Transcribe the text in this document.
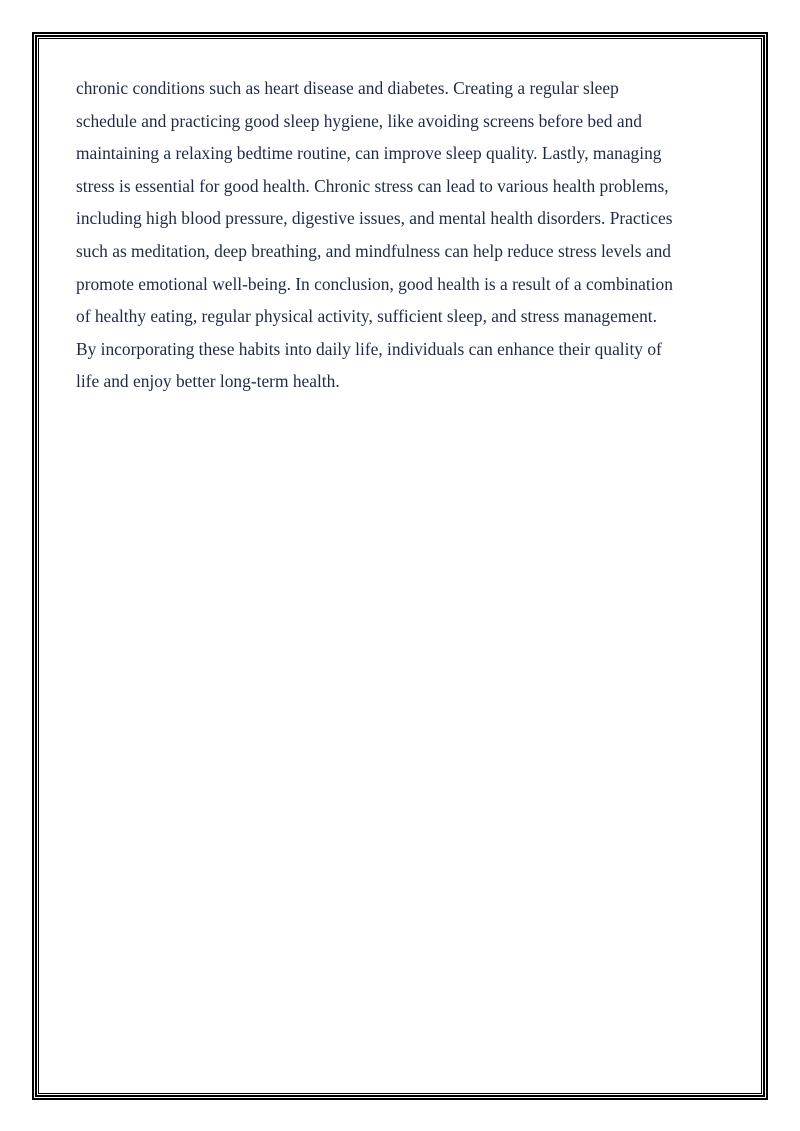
chronic conditions such as heart disease and diabetes. Creating a regular sleep
schedule and practicing good sleep hygiene, like avoiding screens before bed and
maintaining a relaxing bedtime routine, can improve sleep quality. Lastly, managing
stress is essential for good health. Chronic stress can lead to various health problems,
including high blood pressure, digestive issues, and mental health disorders. Practices
such as meditation, deep breathing, and mindfulness can help reduce stress levels and
promote emotional well-being. In conclusion, good health is a result of a combination
of healthy eating, regular physical activity, sufficient sleep, and stress management.
By incorporating these habits into daily life, individuals can enhance their quality of
life and enjoy better long-term health.
